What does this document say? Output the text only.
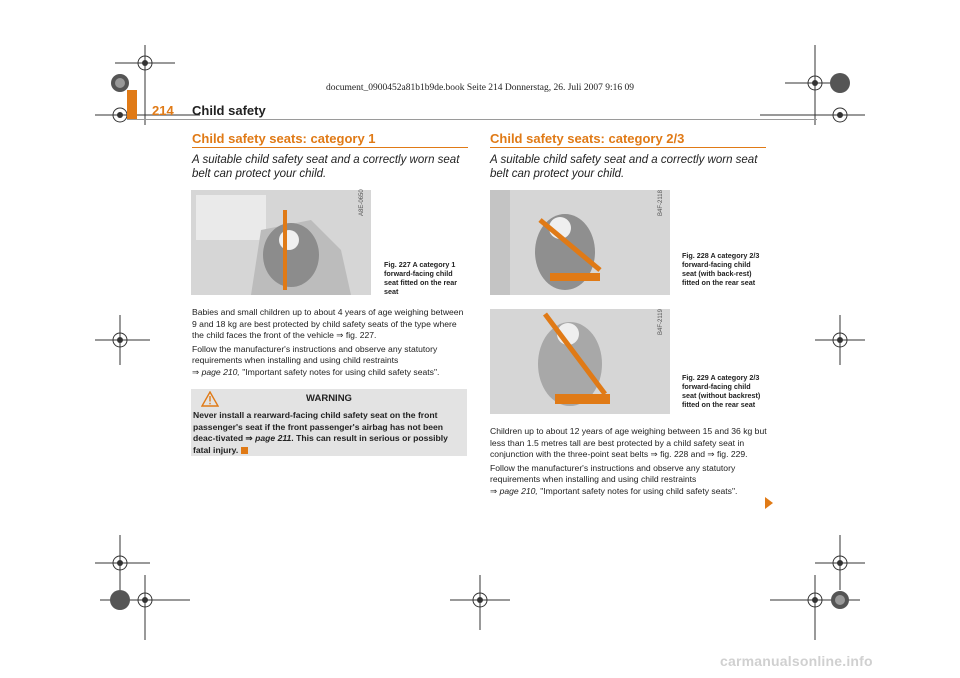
document_0900452a81b1b9de.book Seite 214 Donnerstag, 26. Juli 2007 9:16 09
214 Child safety
Child safety seats: category 1
A suitable child safety seat and a correctly worn seat belt can protect your child.
A8E-0650
Fig. 227 A category 1 forward-facing child seat fitted on the rear seat

Babies and small children up to about 4 years of age weighing between 9 and 18 kg are best protected by child safety seats of the type where the child faces the front of the vehicle ⇒ fig. 227.

Follow the manufacturer's instructions and observe any statutory requirements when installing and using child restraints
⇒ page 210, "Important safety notes for using child safety seats".

WARNING
Never install a rearward-facing child safety seat on the front passenger's seat if the front passenger's airbag has not been deac-tivated ⇒ page 211. This can result in serious or possibly fatal injury.
Child safety seats: category 2/3
A suitable child safety seat and a correctly worn seat belt can protect your child.
B4F-2118
Fig. 228 A category 2/3 forward-facing child seat (with back-rest) fitted on the rear seat
B4F-2119
Fig. 229 A category 2/3 forward-facing child seat (without backrest) fitted on the rear seat

Children up to about 12 years of age weighing between 15 and 36 kg but less than 1.5 metres tall are best protected by a child safety seat in conjunction with the three-point seat belts ⇒ fig. 228 and ⇒ fig. 229.

Follow the manufacturer's instructions and observe any statutory requirements when installing and using child restraints
⇒ page 210, "Important safety notes for using child safety seats".

carmanualsonline.info
